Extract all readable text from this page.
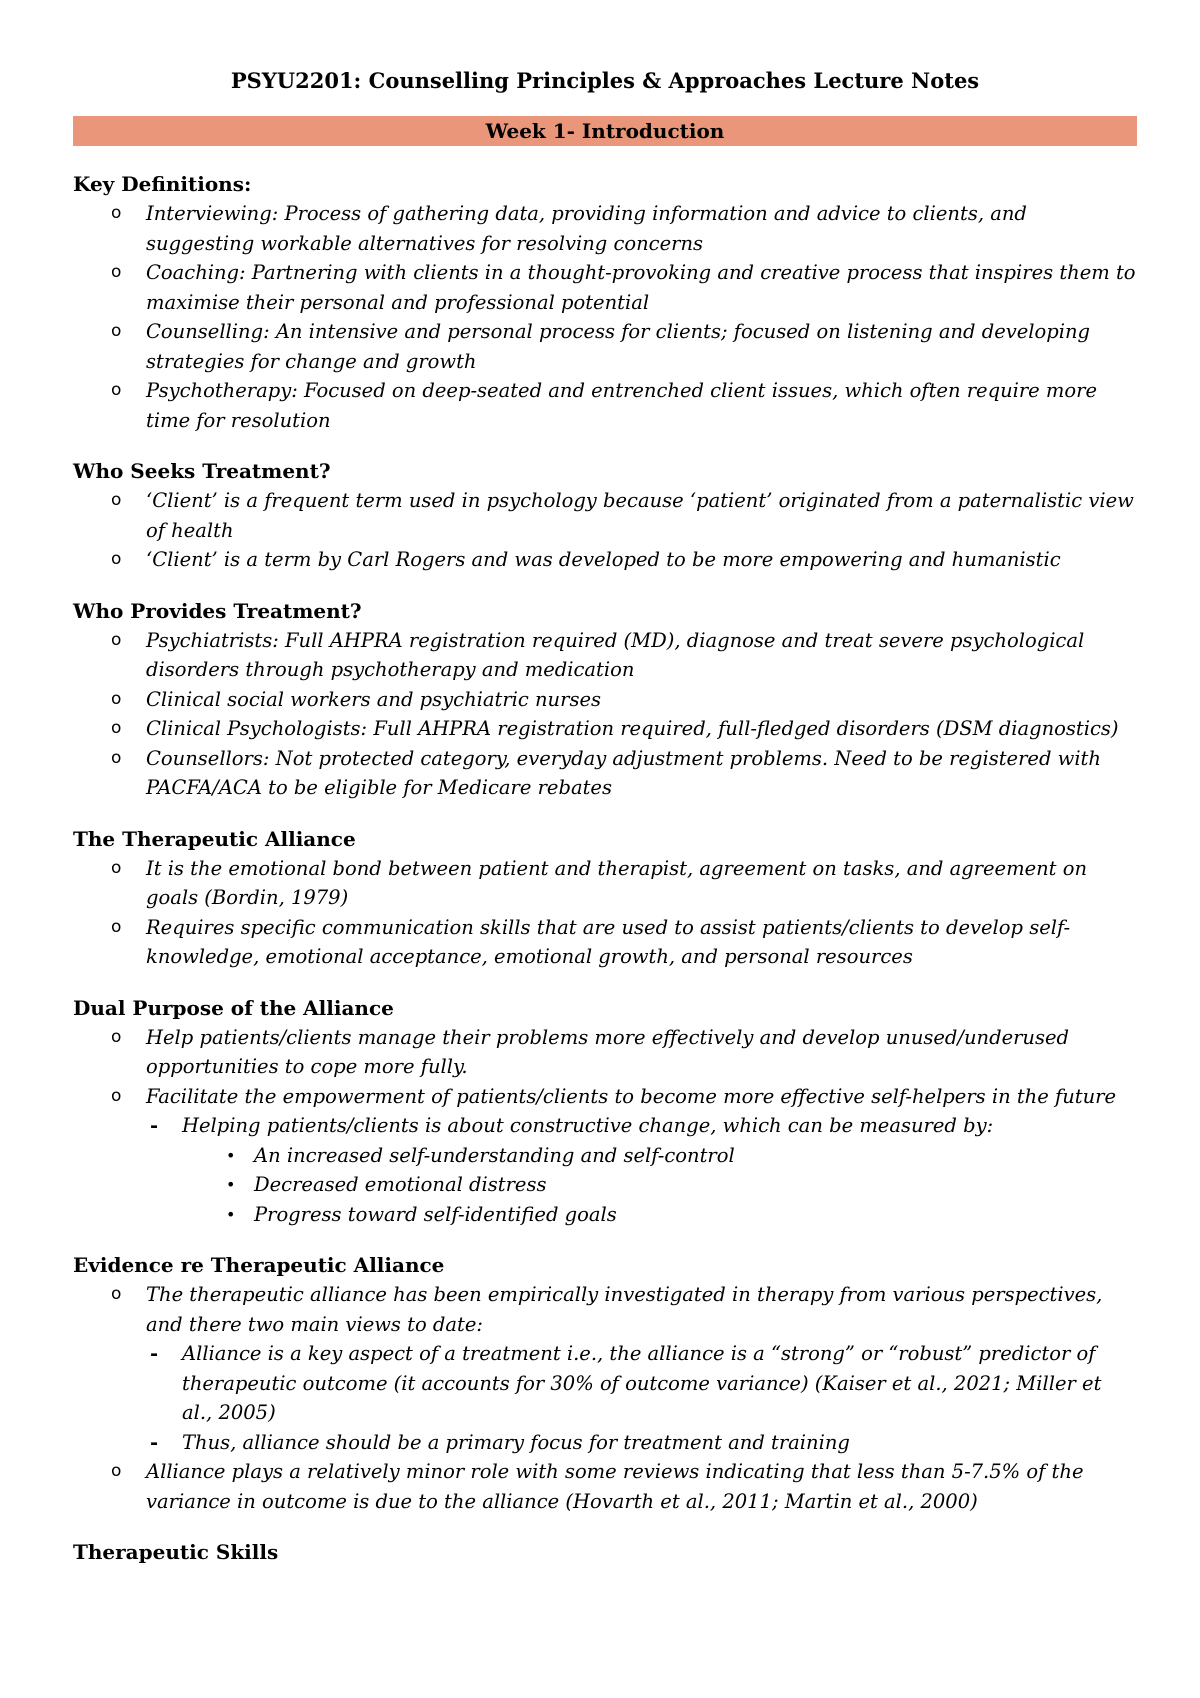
PSYU2201: Counselling Principles & Approaches Lecture Notes
Week 1- Introduction
Key Definitions:
o Interviewing: Process of gathering data, providing information and advice to clients, and suggesting workable alternatives for resolving concerns
o Coaching: Partnering with clients in a thought-provoking and creative process that inspires them to maximise their personal and professional potential
o Counselling: An intensive and personal process for clients; focused on listening and developing strategies for change and growth
o Psychotherapy: Focused on deep-seated and entrenched client issues, which often require more time for resolution
Who Seeks Treatment?
o ‘Client’ is a frequent term used in psychology because ‘patient’ originated from a paternalistic view of health
o ‘Client’ is a term by Carl Rogers and was developed to be more empowering and humanistic
Who Provides Treatment?
o Psychiatrists: Full AHPRA registration required (MD), diagnose and treat severe psychological disorders through psychotherapy and medication
o Clinical social workers and psychiatric nurses
o Clinical Psychologists: Full AHPRA registration required, full-fledged disorders (DSM diagnostics)
o Counsellors: Not protected category, everyday adjustment problems. Need to be registered with PACFA/ACA to be eligible for Medicare rebates
The Therapeutic Alliance
o It is the emotional bond between patient and therapist, agreement on tasks, and agreement on goals (Bordin, 1979)
o Requires specific communication skills that are used to assist patients/clients to develop self-knowledge, emotional acceptance, emotional growth, and personal resources
Dual Purpose of the Alliance
o Help patients/clients manage their problems more effectively and develop unused/underused opportunities to cope more fully.
o Facilitate the empowerment of patients/clients to become more effective self-helpers in the future
- Helping patients/clients is about constructive change, which can be measured by:
• An increased self-understanding and self-control
• Decreased emotional distress
• Progress toward self-identified goals
Evidence re Therapeutic Alliance
o The therapeutic alliance has been empirically investigated in therapy from various perspectives, and there two main views to date:
- Alliance is a key aspect of a treatment i.e., the alliance is a “strong” or “robust” predictor of therapeutic outcome (it accounts for 30% of outcome variance) (Kaiser et al., 2021; Miller et al., 2005)
- Thus, alliance should be a primary focus for treatment and training
o Alliance plays a relatively minor role with some reviews indicating that less than 5-7.5% of the variance in outcome is due to the alliance (Hovarth et al., 2011; Martin et al., 2000)
Therapeutic Skills
